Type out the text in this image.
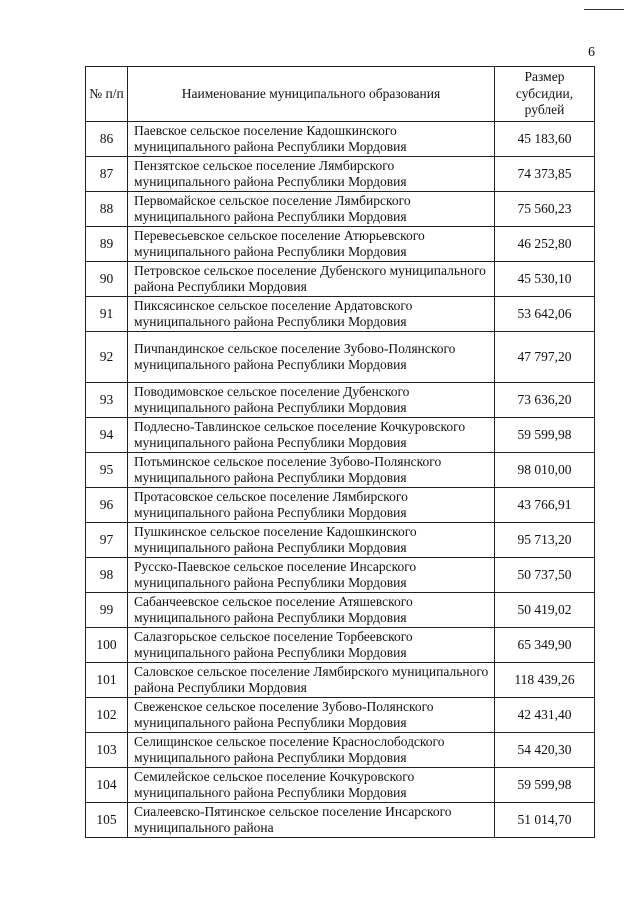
6
№ п/п	Наименование муниципального образования	Размер субсидии, рублей
86	Паевское сельское поселение Кадошкинского муниципального района Республики Мордовия	45 183,60
87	Пензятское сельское поселение Лямбирского муниципального района Республики Мордовия	74 373,85
88	Первомайское сельское поселение Лямбирского муниципального района Республики Мордовия	75 560,23
89	Перевесьевское сельское поселение Атюрьевского муниципального района Республики Мордовия	46 252,80
90	Петровское сельское поселение Дубенского муниципального района Республики Мордовия	45 530,10
91	Пиксясинское сельское поселение Ардатовского муниципального района Республики Мордовия	53 642,06
92	Пичпандинское сельское поселение Зубово-Полянского муниципального района Республики Мордовия	47 797,20
93	Поводимовское сельское поселение Дубенского муниципального района Республики Мордовия	73 636,20
94	Подлесно-Тавлинское сельское поселение Кочкуровского муниципального района Республики Мордовия	59 599,98
95	Потьминское сельское поселение Зубово-Полянского муниципального района Республики Мордовия	98 010,00
96	Протасовское сельское поселение Лямбирского муниципального района Республики Мордовия	43 766,91
97	Пушкинское сельское поселение Кадошкинского муниципального района Республики Мордовия	95 713,20
98	Русско-Паевское сельское поселение Инсарского муниципального района Республики Мордовия	50 737,50
99	Сабанчеевское сельское поселение Атяшевского муниципального района Республики Мордовия	50 419,02
100	Салазгорьское сельское поселение Торбеевского муниципального района Республики Мордовия	65 349,90
101	Саловское сельское поселение Лямбирского муниципального района Республики Мордовия	118 439,26
102	Свеженское сельское поселение Зубово-Полянского муниципального района Республики Мордовия	42 431,40
103	Селищинское сельское поселение Краснослободского муниципального района Республики Мордовия	54 420,30
104	Семилейское сельское поселение Кочкуровского муниципального района Республики Мордовия	59 599,98
105	Сиалеевско-Пятинское сельское поселение Инсарского муниципального района	51 014,70
